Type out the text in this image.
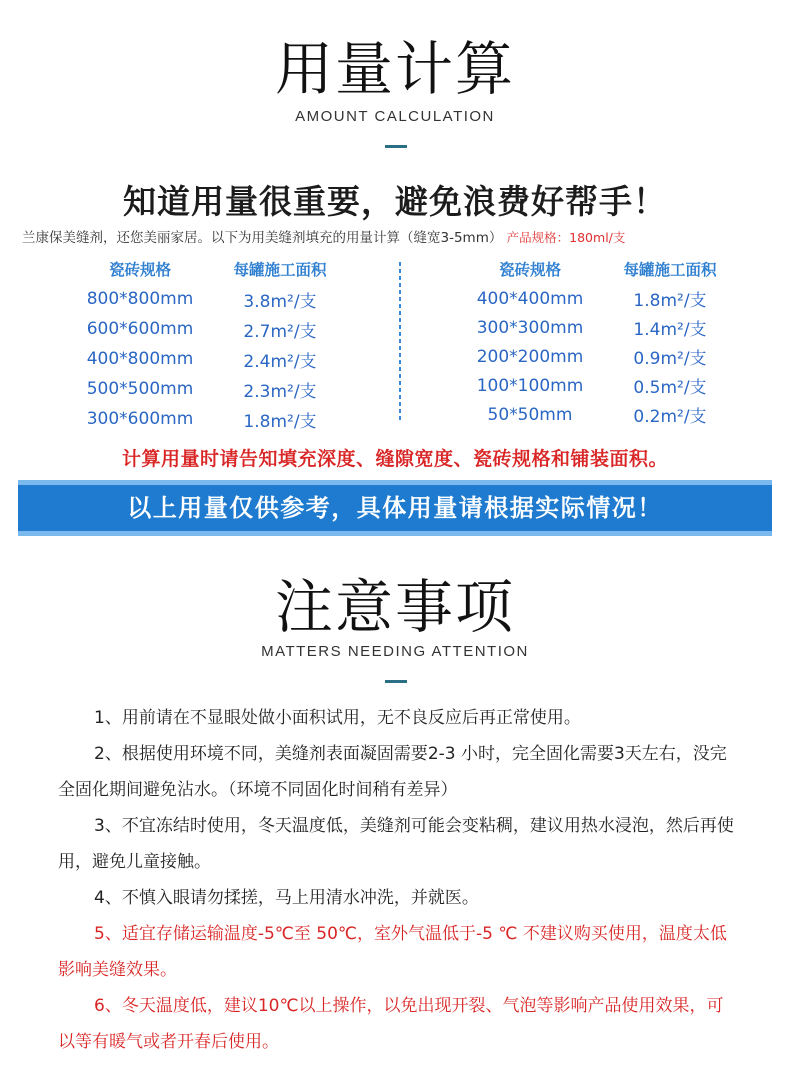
用量计算
AMOUNT CALCULATION
知道用量很重要，避免浪费好帮手！
兰康保美缝剂，还您美丽家居。以下为用美缝剂填充的用量计算（缝宽3-5mm） 产品规格：180ml/支
瓷砖规格	每罐施工面积
800*800mm	3.8m²/支
600*600mm	2.7m²/支
400*800mm	2.4m²/支
500*500mm	2.3m²/支
300*600mm	1.8m²/支
瓷砖规格	每罐施工面积
400*400mm	1.8m²/支
300*300mm	1.4m²/支
200*200mm	0.9m²/支
100*100mm	0.5m²/支
50*50mm	0.2m²/支
计算用量时请告知填充深度、缝隙宽度、瓷砖规格和铺装面积。
以上用量仅供参考，具体用量请根据实际情况！
注意事项
MATTERS NEEDING ATTENTION

1、用前请在不显眼处做小面积试用，无不良反应后再正常使用。

2、根据使用环境不同，美缝剂表面凝固需要2-3 小时，完全固化需要3天左右，没完全固化期间避免沾水。（环境不同固化时间稍有差异）

3、不宜冻结时使用，冬天温度低，美缝剂可能会变粘稠，建议用热水浸泡，然后再使用，避免儿童接触。

4、不慎入眼请勿揉搓，马上用清水冲洗，并就医。

5、适宜存储运输温度-5℃至 50℃，室外气温低于-5 ℃ 不建议购买使用，温度太低影响美缝效果。

6、冬天温度低，建议10℃以上操作，以免出现开裂、气泡等影响产品使用效果，可以等有暖气或者开春后使用。
